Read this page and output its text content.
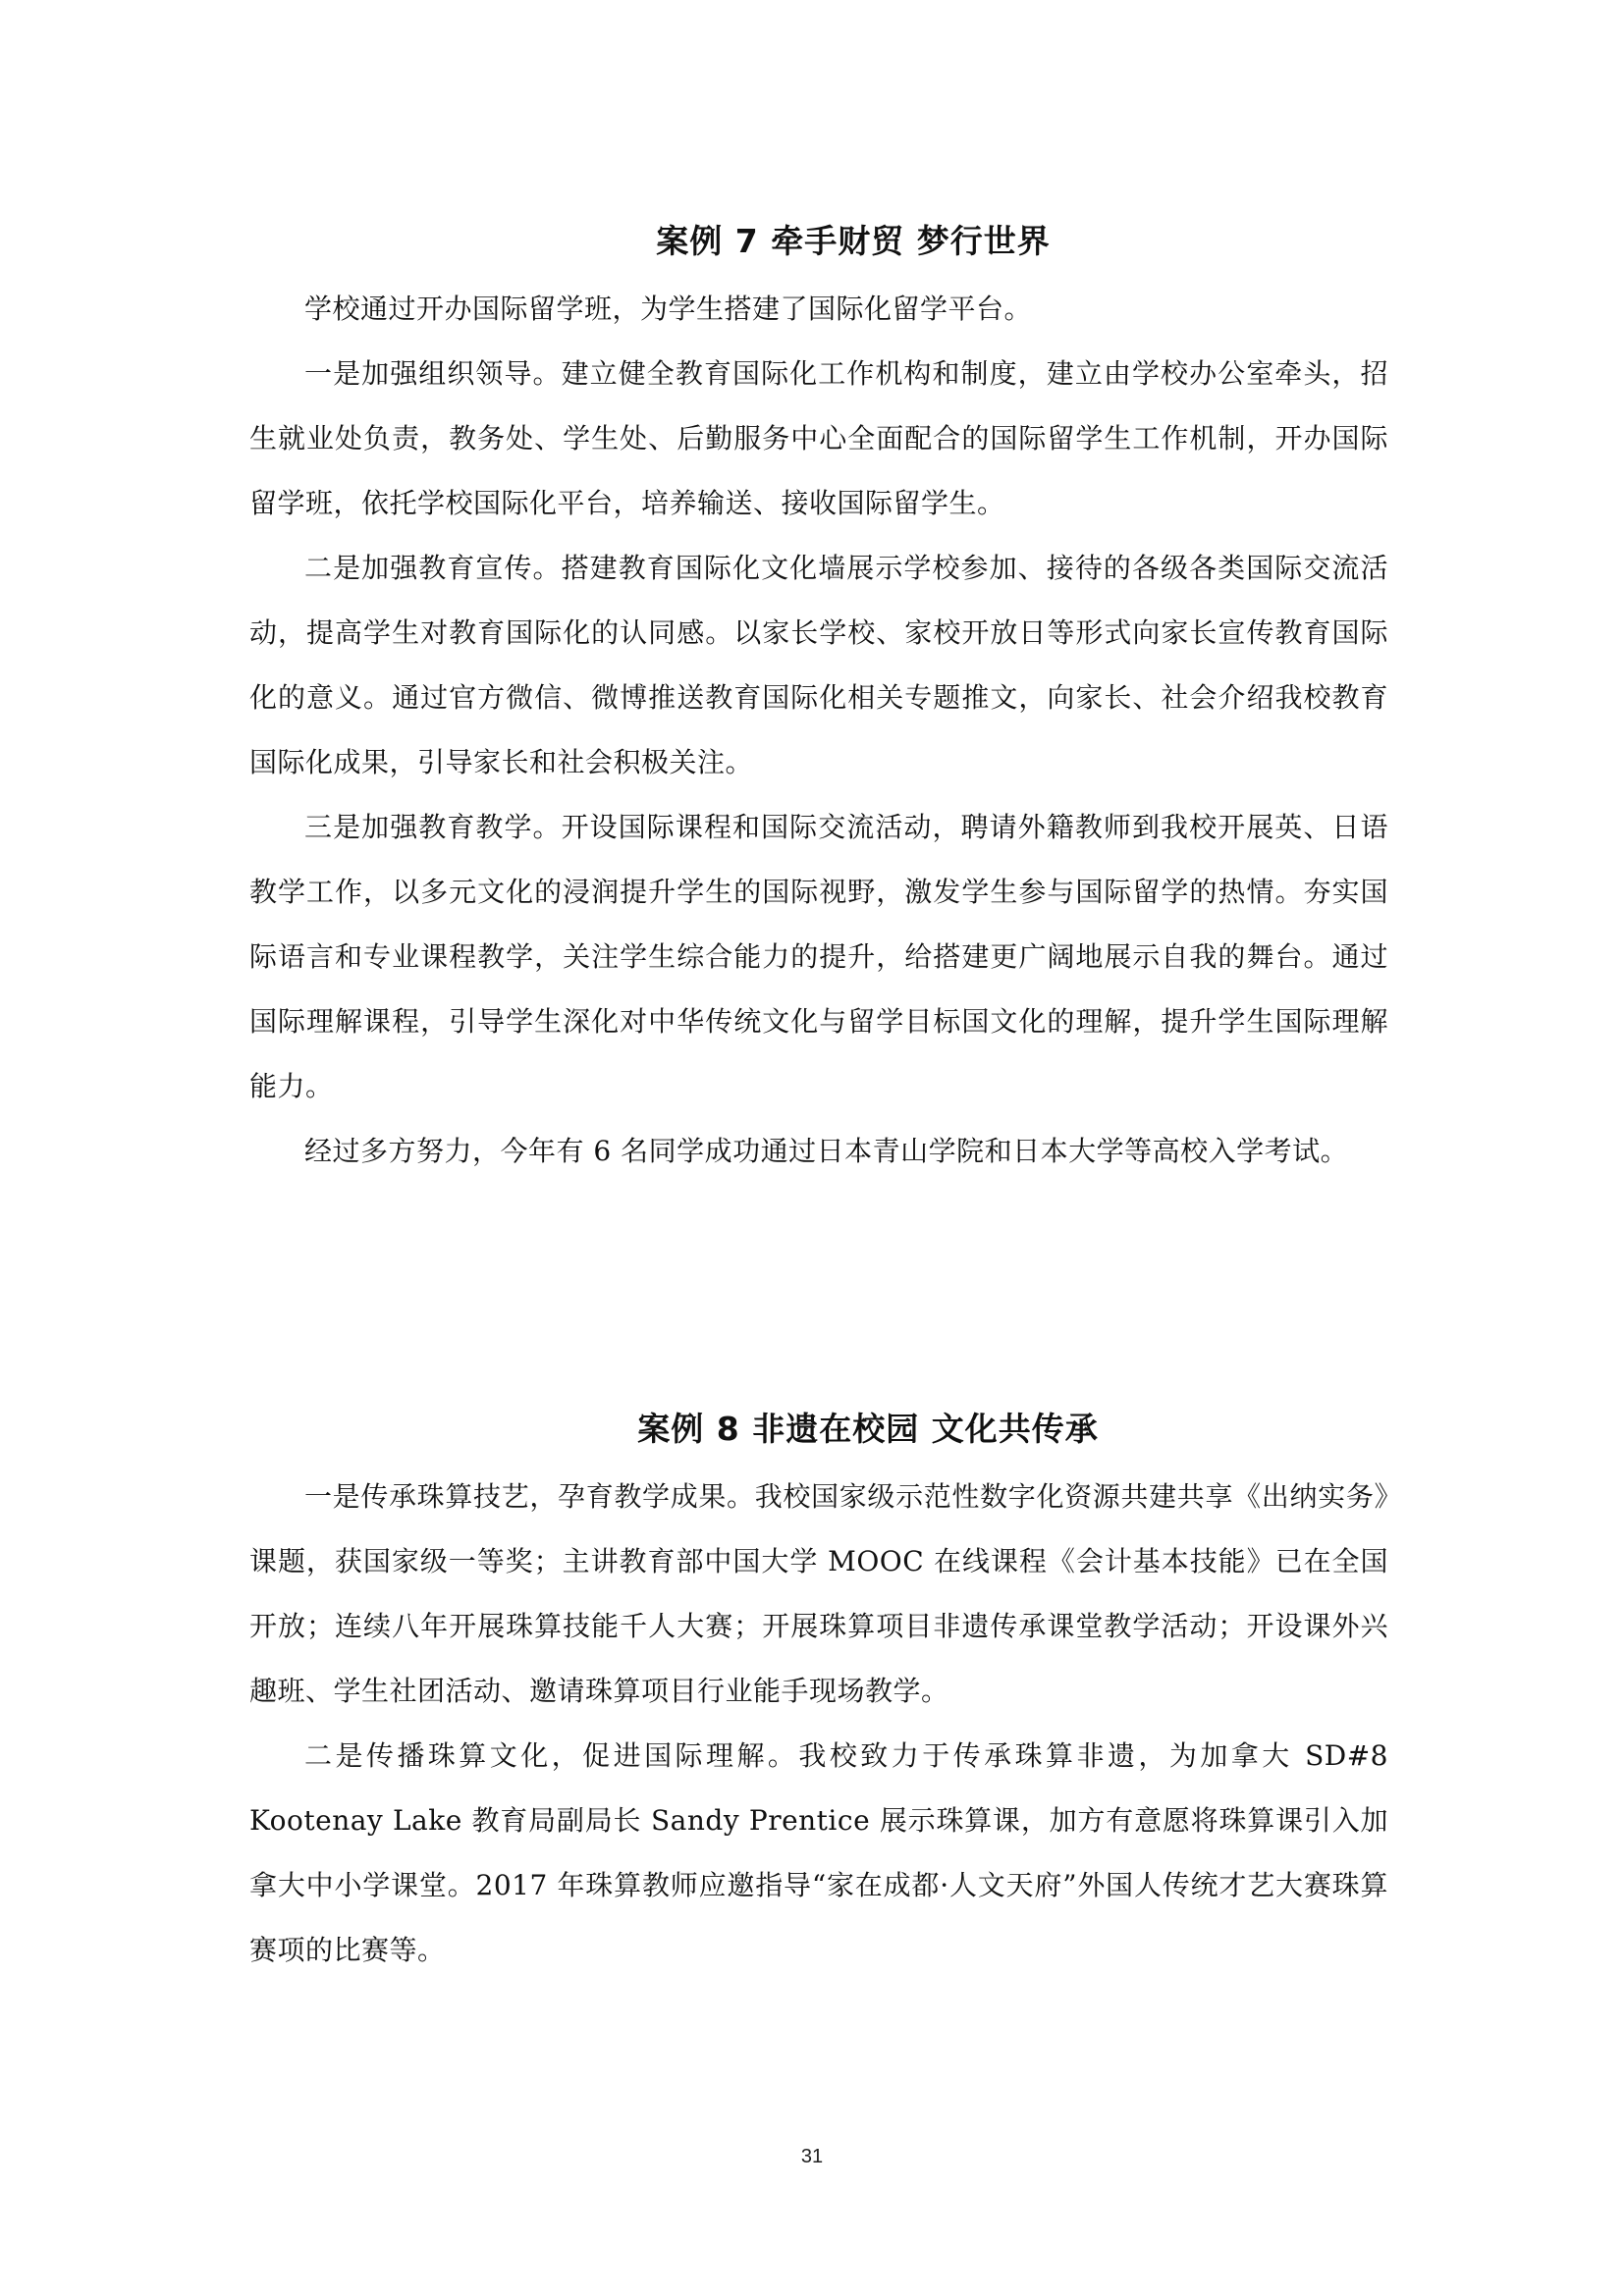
案例 7 牵手财贸 梦行世界

学校通过开办国际留学班，为学生搭建了国际化留学平台。

一是加强组织领导。建立健全教育国际化工作机构和制度，建立由学校办公室牵头，招生就业处负责，教务处、学生处、后勤服务中心全面配合的国际留学生工作机制，开办国际留学班，依托学校国际化平台，培养输送、接收国际留学生。

二是加强教育宣传。搭建教育国际化文化墙展示学校参加、接待的各级各类国际交流活动，提高学生对教育国际化的认同感。以家长学校、家校开放日等形式向家长宣传教育国际化的意义。通过官方微信、微博推送教育国际化相关专题推文，向家长、社会介绍我校教育国际化成果，引导家长和社会积极关注。

三是加强教育教学。开设国际课程和国际交流活动，聘请外籍教师到我校开展英、日语教学工作，以多元文化的浸润提升学生的国际视野，激发学生参与国际留学的热情。夯实国际语言和专业课程教学，关注学生综合能力的提升，给搭建更广阔地展示自我的舞台。通过国际理解课程，引导学生深化对中华传统文化与留学目标国文化的理解，提升学生国际理解能力。

经过多方努力，今年有 6 名同学成功通过日本青山学院和日本大学等高校入学考试。

案例 8 非遗在校园 文化共传承

一是传承珠算技艺，孕育教学成果。我校国家级示范性数字化资源共建共享《出纳实务》课题，获国家级一等奖；主讲教育部中国大学 MOOC 在线课程《会计基本技能》已在全国开放；连续八年开展珠算技能千人大赛；开展珠算项目非遗传承课堂教学活动；开设课外兴趣班、学生社团活动、邀请珠算项目行业能手现场教学。

二是传播珠算文化，促进国际理解。我校致力于传承珠算非遗，为加拿大 SD#8 Kootenay Lake 教育局副局长 Sandy Prentice 展示珠算课，加方有意愿将珠算课引入加拿大中小学课堂。2017 年珠算教师应邀指导“家在成都·人文天府”外国人传统才艺大赛珠算赛项的比赛等。

31
